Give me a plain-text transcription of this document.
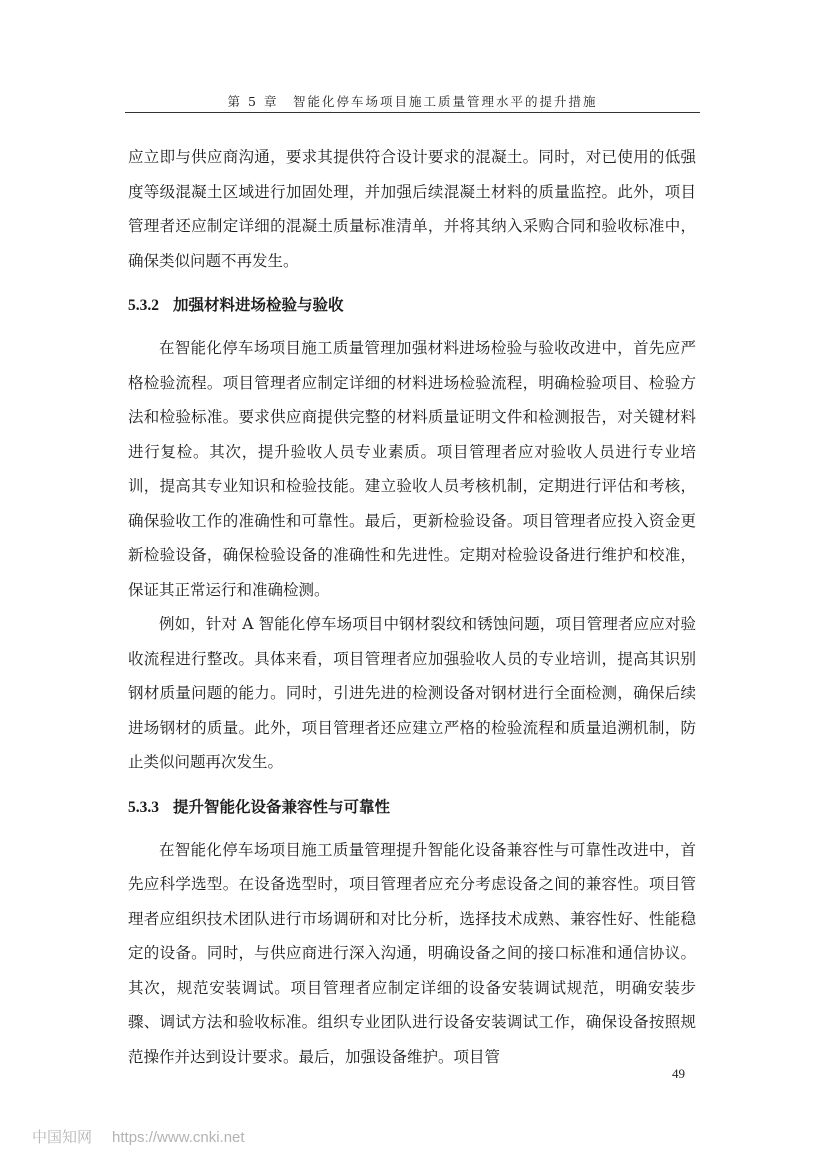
第 5 章　智能化停车场项目施工质量管理水平的提升措施

应立即与供应商沟通，要求其提供符合设计要求的混凝土。同时，对已使用的低强度等级混凝土区域进行加固处理，并加强后续混凝土材料的质量监控。此外，项目管理者还应制定详细的混凝土质量标准清单，并将其纳入采购合同和验收标准中，确保类似问题不再发生。

5.3.2 加强材料进场检验与验收

在智能化停车场项目施工质量管理加强材料进场检验与验收改进中，首先应严格检验流程。项目管理者应制定详细的材料进场检验流程，明确检验项目、检验方法和检验标准。要求供应商提供完整的材料质量证明文件和检测报告，对关键材料进行复检。其次，提升验收人员专业素质。项目管理者应对验收人员进行专业培训，提高其专业知识和检验技能。建立验收人员考核机制，定期进行评估和考核，确保验收工作的准确性和可靠性。最后，更新检验设备。项目管理者应投入资金更新检验设备，确保检验设备的准确性和先进性。定期对检验设备进行维护和校准，保证其正常运行和准确检测。

例如，针对 A 智能化停车场项目中钢材裂纹和锈蚀问题，项目管理者应应对验收流程进行整改。具体来看，项目管理者应加强验收人员的专业培训，提高其识别钢材质量问题的能力。同时，引进先进的检测设备对钢材进行全面检测，确保后续进场钢材的质量。此外，项目管理者还应建立严格的检验流程和质量追溯机制，防止类似问题再次发生。

5.3.3 提升智能化设备兼容性与可靠性

在智能化停车场项目施工质量管理提升智能化设备兼容性与可靠性改进中，首先应科学选型。在设备选型时，项目管理者应充分考虑设备之间的兼容性。项目管理者应组织技术团队进行市场调研和对比分析，选择技术成熟、兼容性好、性能稳定的设备。同时，与供应商进行深入沟通，明确设备之间的接口标准和通信协议。其次，规范安装调试。项目管理者应制定详细的设备安装调试规范，明确安装步骤、调试方法和验收标准。组织专业团队进行设备安装调试工作，确保设备按照规范操作并达到设计要求。最后，加强设备维护。项目管

49
中国知网 https://www.cnki.net
